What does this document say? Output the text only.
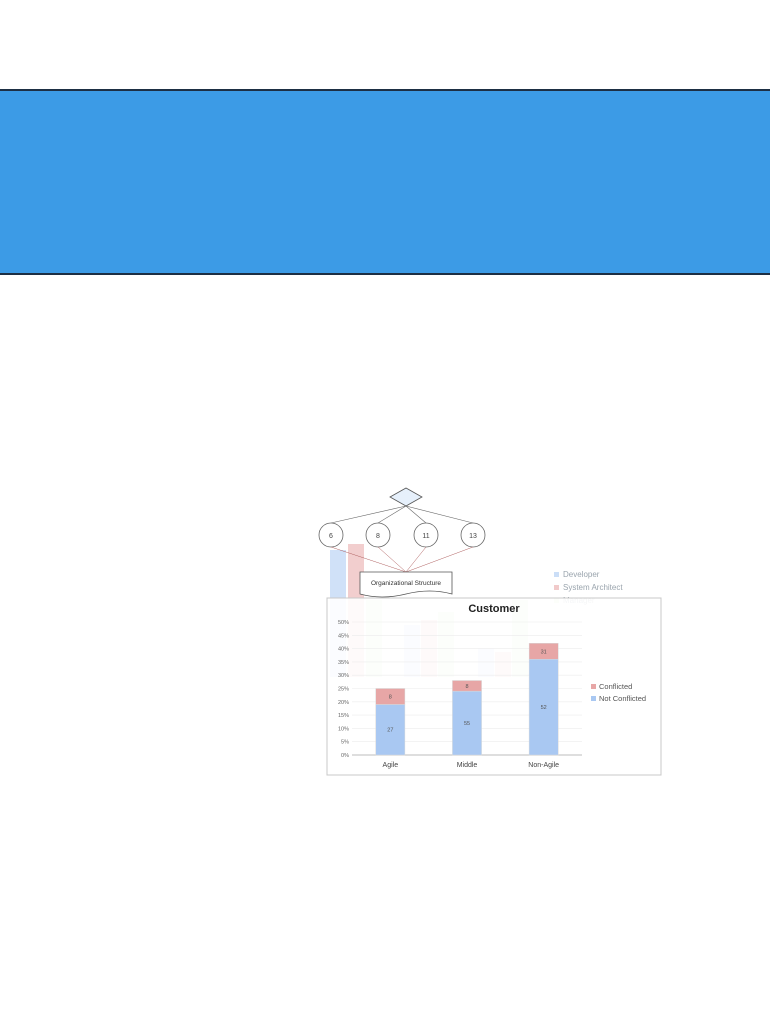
Developer
System Architect
6	8	11	13
Organizational Structure
Customer
0%
5%
10%
15%
20%
25%
30%
35%
40%
45%
50%
Agile
27
8
Middle
55
8
Non-Agile
52
31
Conflicted
Not Conflicted
